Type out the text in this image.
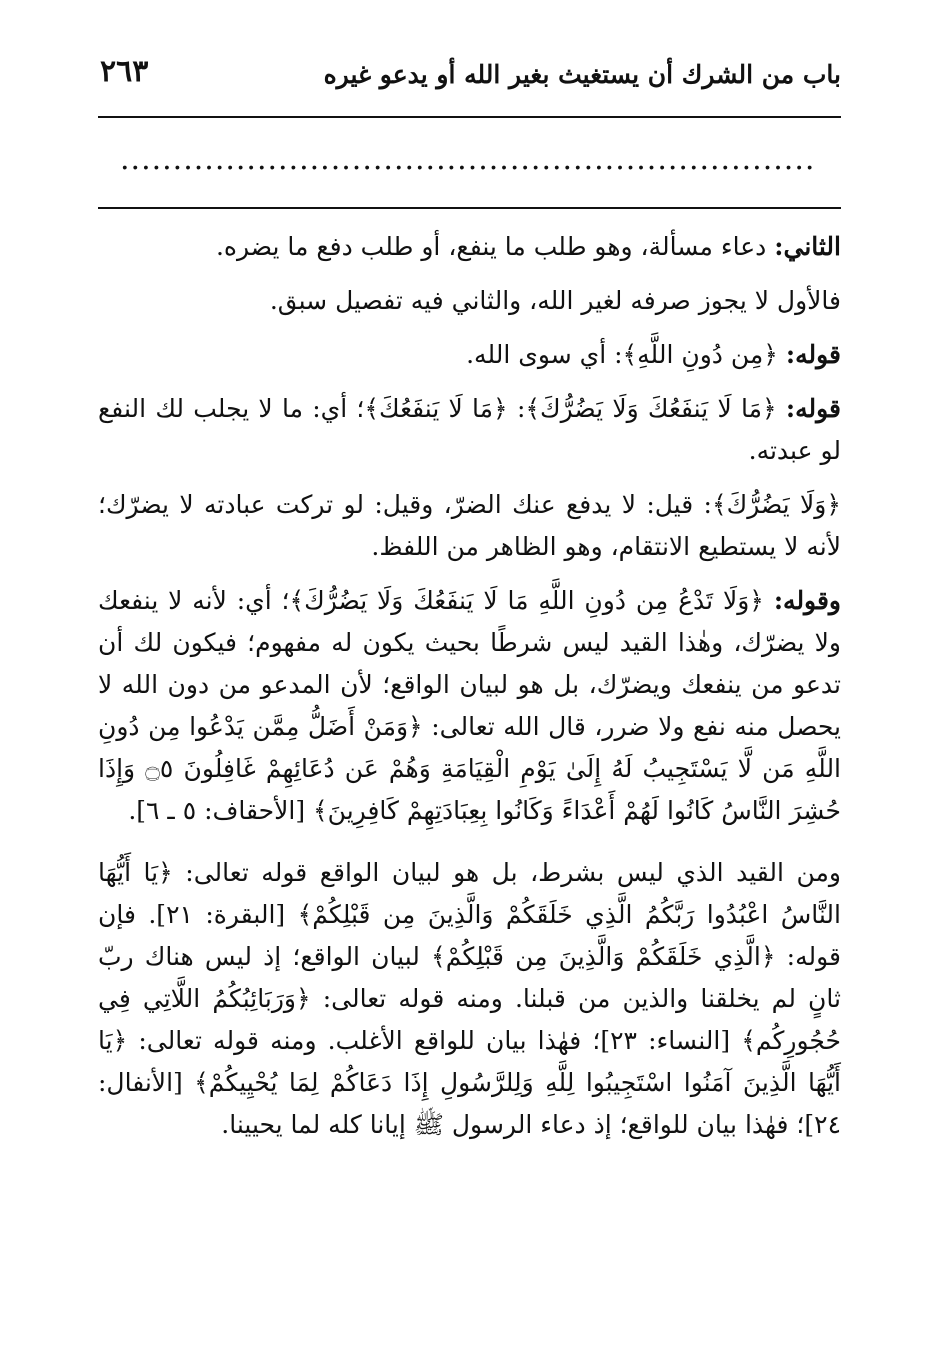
باب من الشرك أن يستغيث بغير الله أو يدعو غيره
٢٦٣
..................................................................

الثاني: دعاء مسألة، وهو طلب ما ينفع، أو طلب دفع ما يضره.

فالأول لا يجوز صرفه لغير الله، والثاني فيه تفصيل سبق.

قوله: ﴿مِن دُونِ اللَّهِ﴾: أي سوى الله.

قوله: ﴿مَا لَا يَنفَعُكَ وَلَا يَضُرُّكَ﴾: ﴿مَا لَا يَنفَعُكَ﴾؛ أي: ما لا يجلب لك النفع لو عبدته.

﴿وَلَا يَضُرُّكَ﴾: قيل: لا يدفع عنك الضرّ، وقيل: لو تركت عبادته لا يضرّك؛ لأنه لا يستطيع الانتقام، وهو الظاهر من اللفظ.

وقوله: ﴿وَلَا تَدْعُ مِن دُونِ اللَّهِ مَا لَا يَنفَعُكَ وَلَا يَضُرُّكَ﴾؛ أي: لأنه لا ينفعك ولا يضرّك، وهٰذا القيد ليس شرطًا بحيث يكون له مفهوم؛ فيكون لك أن تدعو من ينفعك ويضرّك، بل هو لبيان الواقع؛ لأن المدعو من دون الله لا يحصل منه نفع ولا ضرر، قال الله تعالى: ﴿وَمَنْ أَضَلُّ مِمَّن يَدْعُوا مِن دُونِ اللَّهِ مَن لَّا يَسْتَجِيبُ لَهُ إِلَىٰ يَوْمِ الْقِيَامَةِ وَهُمْ عَن دُعَائِهِمْ غَافِلُونَ ۝٥ وَإِذَا حُشِرَ النَّاسُ كَانُوا لَهُمْ أَعْدَاءً وَكَانُوا بِعِبَادَتِهِمْ كَافِرِينَ﴾ [الأحقاف: ٥ ـ ٦].

ومن القيد الذي ليس بشرط، بل هو لبيان الواقع قوله تعالى: ﴿يَا أَيُّهَا النَّاسُ اعْبُدُوا رَبَّكُمُ الَّذِي خَلَقَكُمْ وَالَّذِينَ مِن قَبْلِكُمْ﴾ [البقرة: ٢١]. فإن قوله: ﴿الَّذِي خَلَقَكُمْ وَالَّذِينَ مِن قَبْلِكُمْ﴾ لبيان الواقع؛ إذ ليس هناك ربّ ثانٍ لم يخلقنا والذين من قبلنا. ومنه قوله تعالى: ﴿وَرَبَائِبُكُمُ اللَّاتِي فِي حُجُورِكُم﴾ [النساء: ٢٣]؛ فهٰذا بيان للواقع الأغلب. ومنه قوله تعالى: ﴿يَا أَيُّهَا الَّذِينَ آمَنُوا اسْتَجِيبُوا لِلَّهِ وَلِلرَّسُولِ إِذَا دَعَاكُمْ لِمَا يُحْيِيكُمْ﴾ [الأنفال: ٢٤]؛ فهٰذا بيان للواقع؛ إذ دعاء الرسول ﷺ إيانا كله لما يحيينا.
